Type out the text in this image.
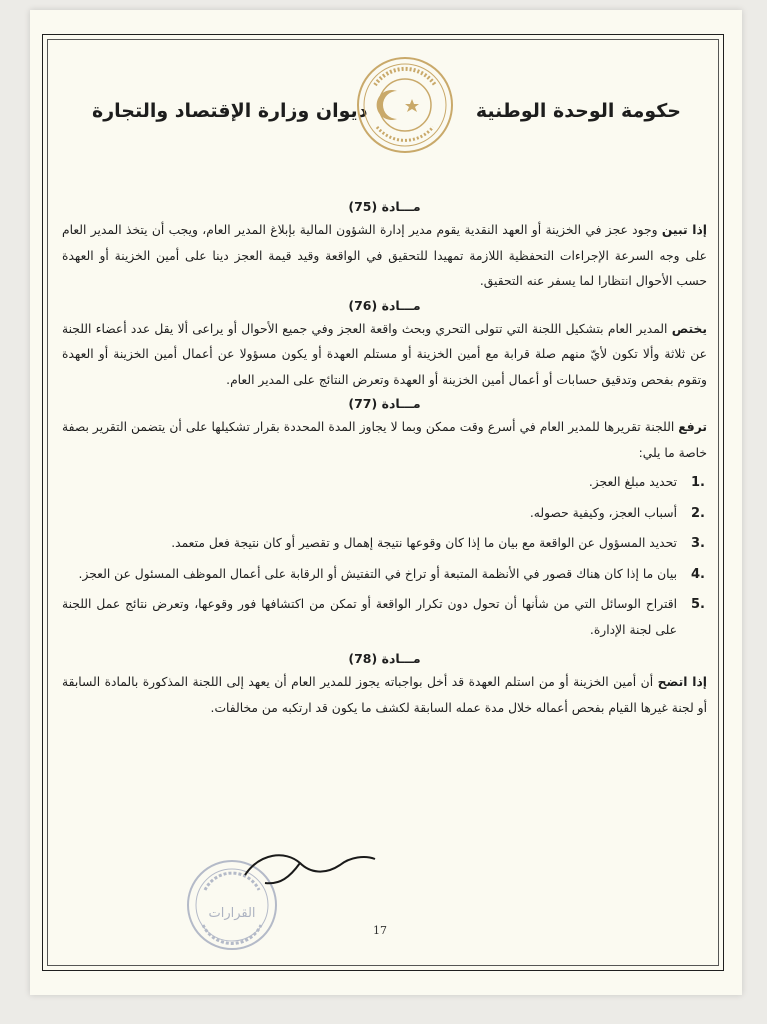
حكومة الوحدة الوطنية
ديوان وزارة الإقتصاد والتجارة
مـــادة (75)

إذا تبين وجود عجز في الخزينة أو العهد النقدية يقوم مدير إدارة الشؤون المالية بإبلاغ المدير العام، ويجب أن يتخذ المدير العام على وجه السرعة الإجراءات التحفظية اللازمة تمهيدا للتحقيق في الواقعة وقيد قيمة العجز دينا على أمين الخزينة أو العهدة حسب الأحوال انتظارا لما يسفر عنه التحقيق.

مـــادة (76)

يختص المدير العام بتشكيل اللجنة التي تتولى التحري وبحث واقعة العجز وفي جميع الأحوال أو يراعى ألا يقل عدد أعضاء اللجنة عن ثلاثة وألا تكون لأيّ منهم صلة قرابة مع أمين الخزينة أو مستلم العهدة أو يكون مسؤولا عن أعمال أمين الخزينة أو العهدة وتقوم بفحص وتدقيق حسابات أو أعمال أمين الخزينة أو العهدة وتعرض النتائج على المدير العام.

مـــادة (77)

ترفع اللجنة تقريرها للمدير العام في أسرع وقت ممكن وبما لا يجاوز المدة المحددة بقرار تشكيلها على أن يتضمن التقرير بصفة خاصة ما يلي:

1.
تحديد مبلغ العجز.
2.
أسباب العجز، وكيفية حصوله.
3.
تحديد المسؤول عن الواقعة مع بيان ما إذا كان وقوعها نتيجة إهمال و تقصير أو كان نتيجة فعل متعمد.
4.
بيان ما إذا كان هناك قصور في الأنظمة المتبعة أو تراخ في التفتيش أو الرقابة على أعمال الموظف المسئول عن العجز.
5.
اقتراح الوسائل التي من شأنها أن تحول دون تكرار الواقعة أو تمكن من اكتشافها فور وقوعها، وتعرض نتائج عمل اللجنة على لجنة الإدارة.
مـــادة (78)

إذا اتضح أن أمين الخزينة أو من استلم العهدة قد أخل بواجباته يجوز للمدير العام أن يعهد إلى اللجنة المذكورة بالمادة السابقة أو لجنة غيرها القيام بفحص أعماله خلال مدة عمله السابقة لكشف ما يكون قد ارتكبه من مخالفات.

القرارات
17
